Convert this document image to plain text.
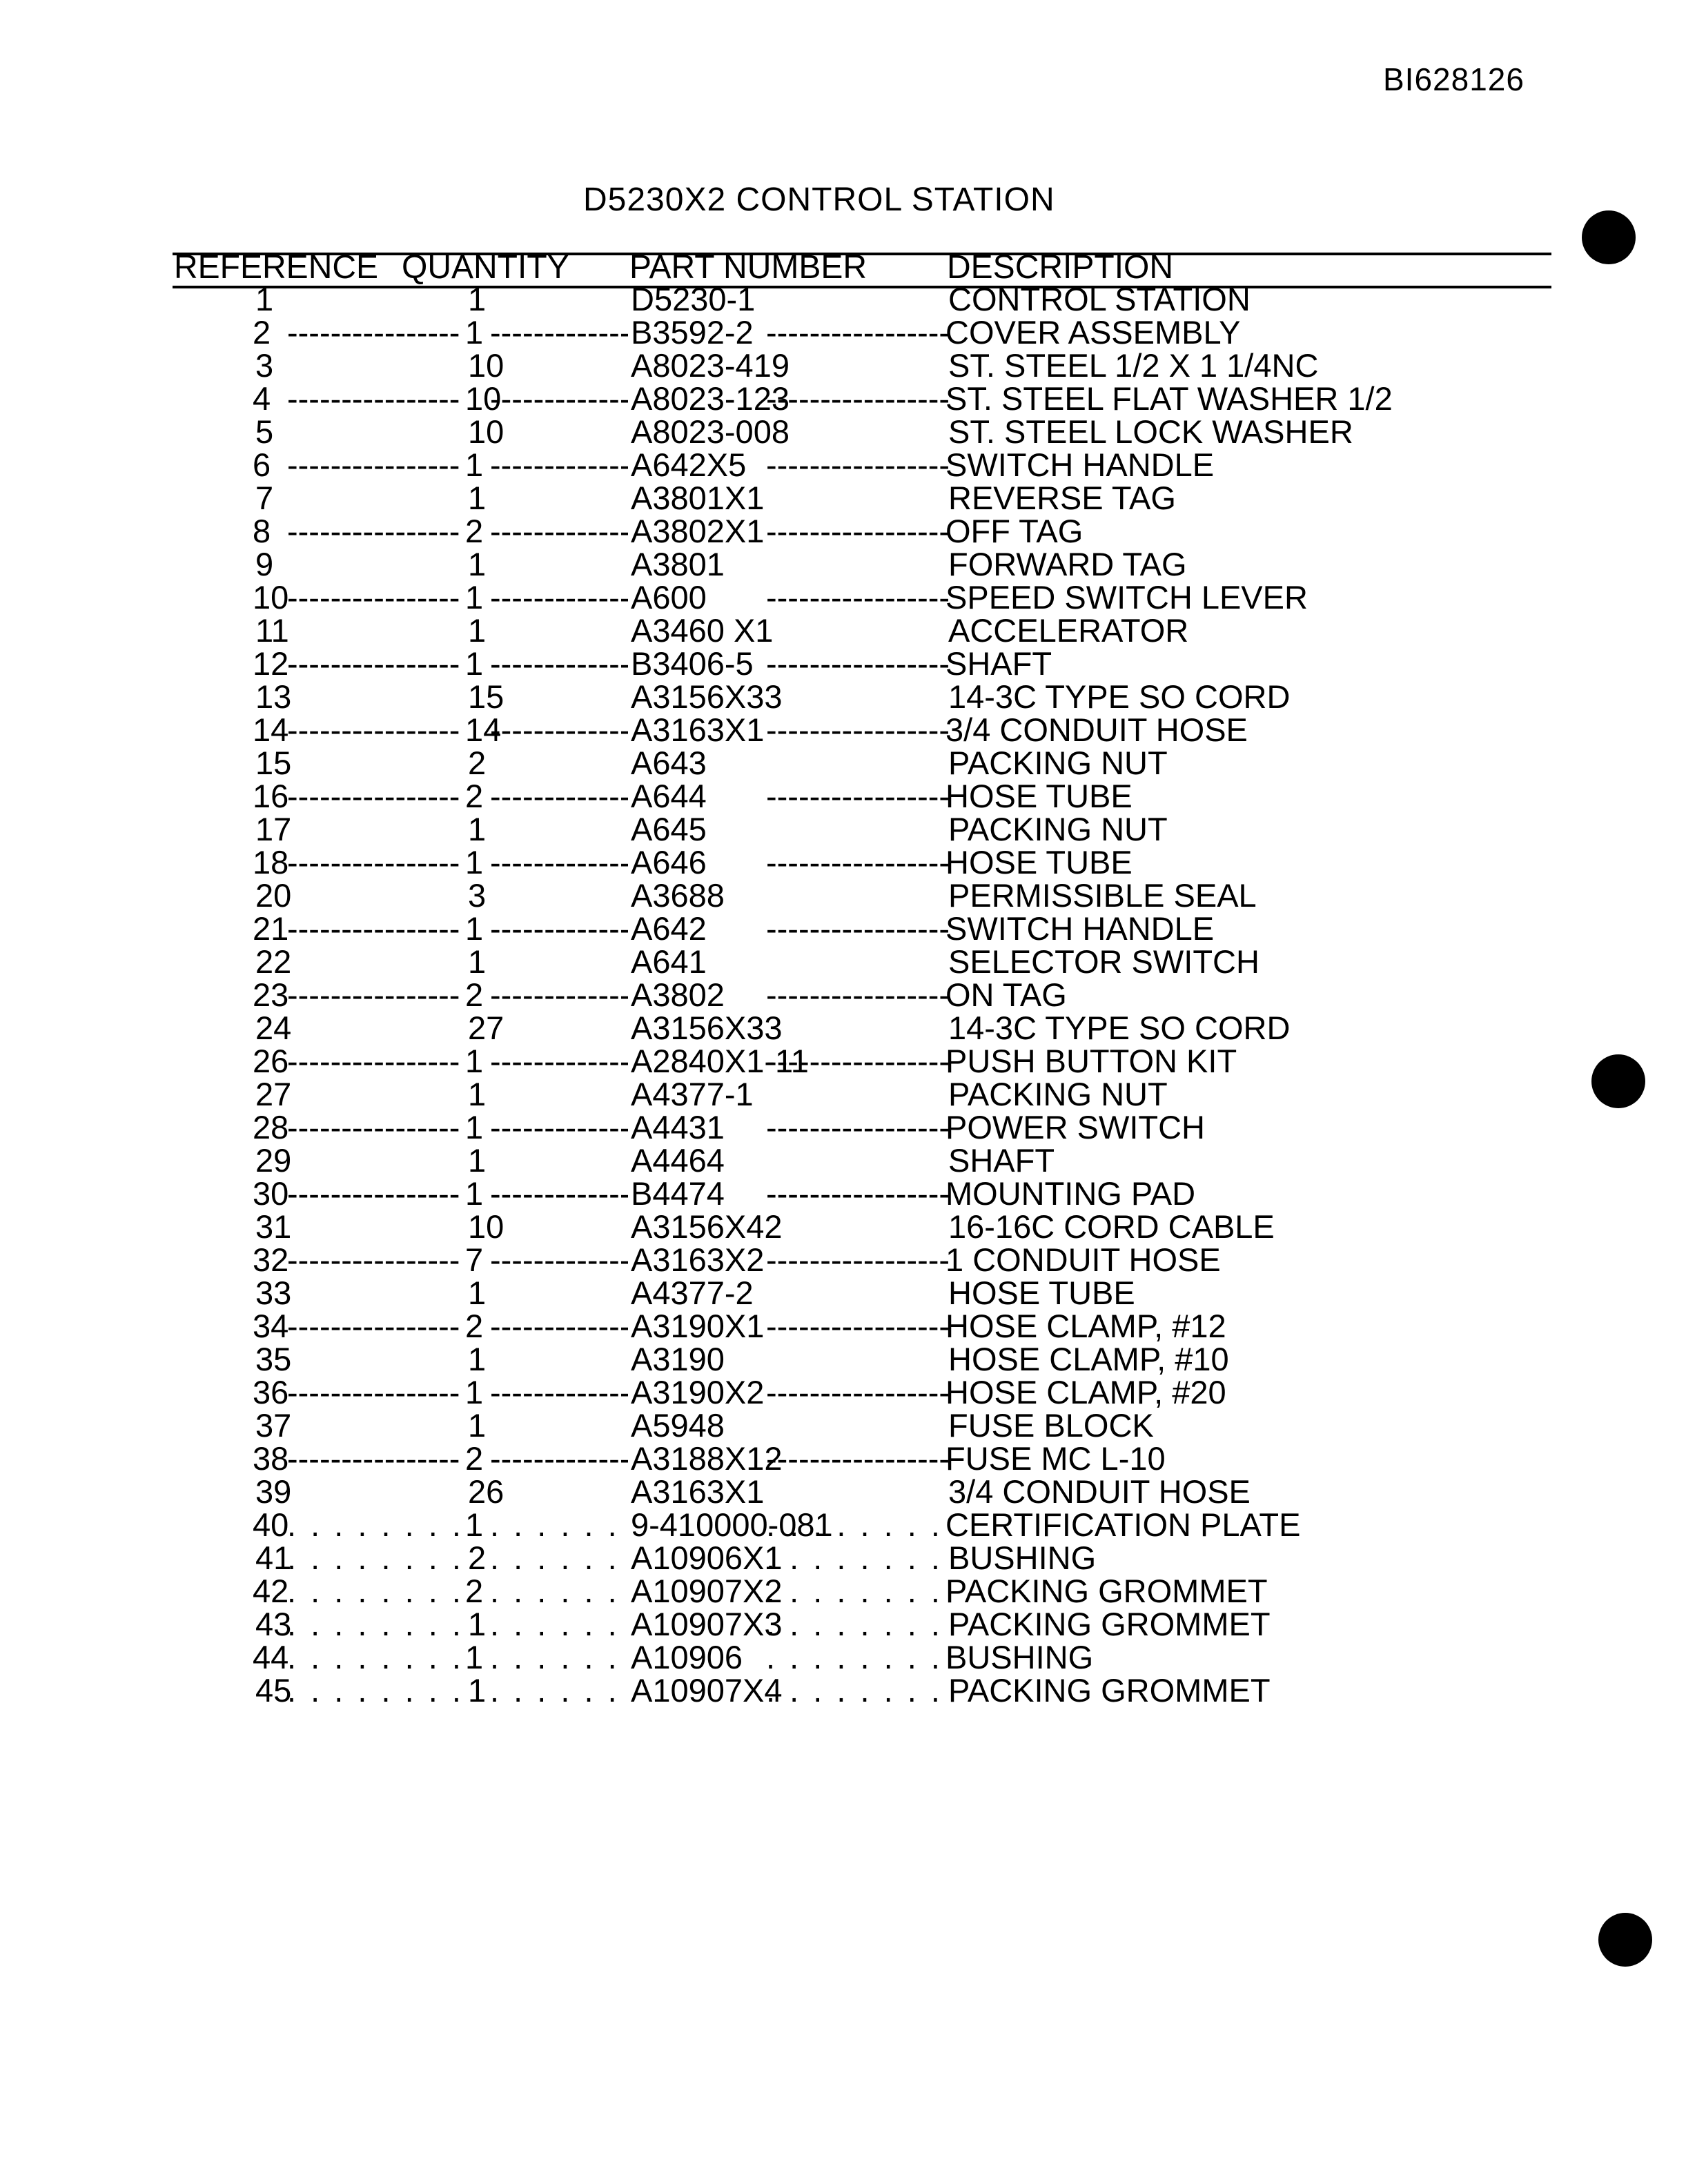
BI628126
D5230X2 CONTROL STATION
REFERENCE QUANTITY PART NUMBER DESCRIPTION
1	1	D5230-1	CONTROL STATION
2	1	B3592-2	COVER ASSEMBLY
-----
-----
-----
3	10	A8023-419	ST. STEEL 1/2 X 1 1/4NC
4	10	A8023-123	ST. STEEL FLAT WASHER 1/2
-----
-----
-----
5	10	A8023-008	ST. STEEL LOCK WASHER
6	1	A642X5	SWITCH HANDLE
-----
-----
-----
7	1	A3801X1	REVERSE TAG
8	2	A3802X1	OFF TAG
-----
-----
-----
9	1	A3801	FORWARD TAG
10	1	A600	SPEED SWITCH LEVER
-----
-----
-----
11	1	A3460 X1	ACCELERATOR
12	1	B3406-5	SHAFT
-----
-----
-----
13	15	A3156X33	14-3C TYPE SO CORD
14	14	A3163X1	3/4 CONDUIT HOSE
-----
-----
-----
15	2	A643	PACKING NUT
16	2	A644	HOSE TUBE
-----
-----
-----
17	1	A645	PACKING NUT
18	1	A646	HOSE TUBE
-----
-----
-----
20	3	A3688	PERMISSIBLE SEAL
21	1	A642	SWITCH HANDLE
-----
-----
-----
22	1	A641	SELECTOR SWITCH
23	2	A3802	ON TAG
-----
-----
-----
24	27	A3156X33	14-3C TYPE SO CORD
26	1	A2840X1-11	PUSH BUTTON KIT
-----
-----
-----
27	1	A4377-1	PACKING NUT
28	1	A4431	POWER SWITCH
-----
-----
-----
29	1	A4464	SHAFT
30	1	B4474	MOUNTING PAD
-----
-----
-----
31	10	A3156X42	16-16C CORD CABLE
32	7	A3163X2	1 CONDUIT HOSE
-----
-----
-----
33	1	A4377-2	HOSE TUBE
34	2	A3190X1	HOSE CLAMP, #12
-----
-----
-----
35	1	A3190	HOSE CLAMP, #10
36	1	A3190X2	HOSE CLAMP, #20
-----
-----
-----
37	1	A5948	FUSE BLOCK
38	2	A3188X12	FUSE MC L-10
-----
-----
-----
39	26	A3163X1	3/4 CONDUIT HOSE
40	1	9-410000-081	CERTIFICATION PLATE
. . .
. . .
. . .
41	2	A10906X1	BUSHING
. . .
. . .
. . .
42	2	A10907X2	PACKING GROMMET
. . .
. . .
. . .
43	1	A10907X3	PACKING GROMMET
. . .
. . .
. . .
44	1	A10906	BUSHING
. . .
. . .
. . .
45	1	A10907X4	PACKING GROMMET
. . .
. . .
. . .
